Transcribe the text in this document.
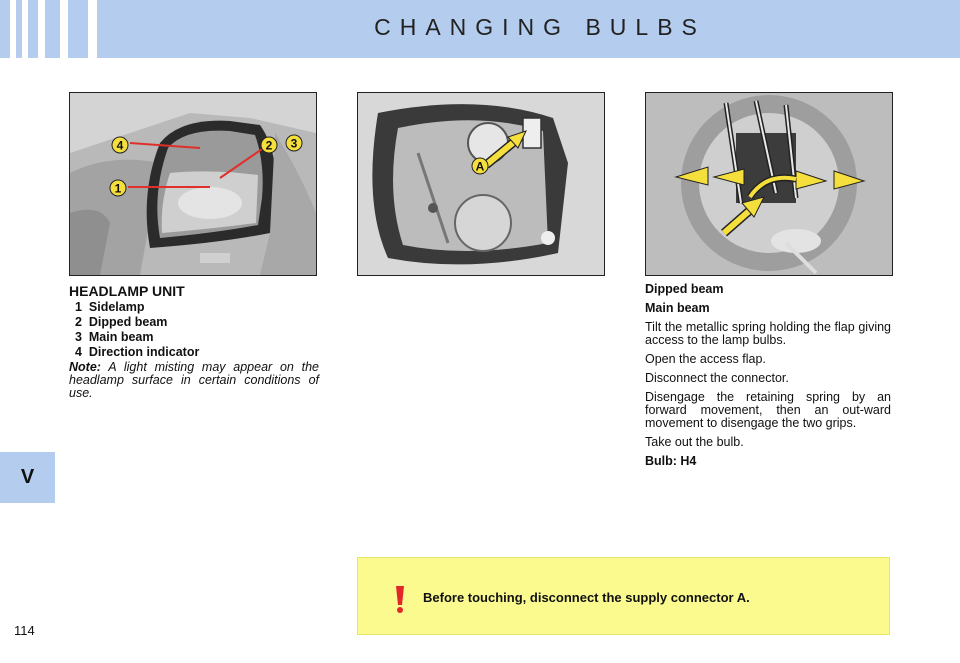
CHANGING BULBS
V
114
4	2 3
1
A
HEADLAMP UNIT
1  Sidelamp
2  Dipped beam
3  Main beam
4  Direction indicator
Note: A light misting may appear on the headlamp surface in certain conditions of use.

Dipped beam

Main beam

Tilt the metallic spring holding the flap giving access to the lamp bulbs.

Open the access flap.

Disconnect the connector.

Disengage the retaining spring by an forward movement, then an out-ward movement to disengage the two grips.

Take out the bulb.

Bulb: H4

Before touching, disconnect the supply connector A.
